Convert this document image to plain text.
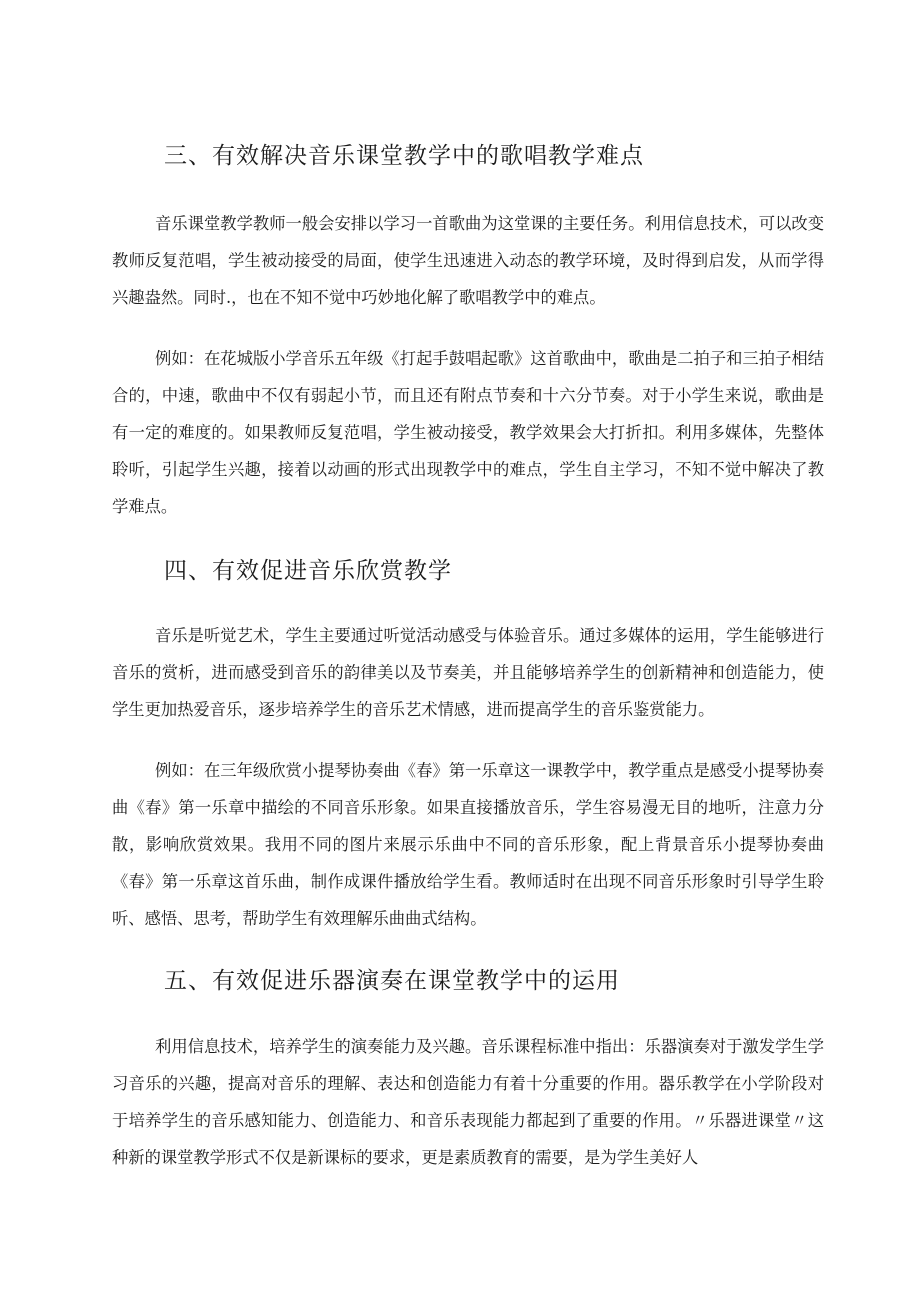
三、有效解决音乐课堂教学中的歌唱教学难点

音乐课堂教学教师一般会安排以学习一首歌曲为这堂课的主要任务。利用信息技术，可以改变教师反复范唱，学生被动接受的局面，使学生迅速进入动态的教学环境，及时得到启发，从而学得兴趣盎然。同时.，也在不知不觉中巧妙地化解了歌唱教学中的难点。

例如：在花城版小学音乐五年级《打起手鼓唱起歌》这首歌曲中，歌曲是二拍子和三拍子相结合的，中速，歌曲中不仅有弱起小节，而且还有附点节奏和十六分节奏。对于小学生来说，歌曲是有一定的难度的。如果教师反复范唱，学生被动接受，教学效果会大打折扣。利用多媒体，先整体聆听，引起学生兴趣，接着以动画的形式出现教学中的难点，学生自主学习，不知不觉中解决了教学难点。

四、有效促进音乐欣赏教学

音乐是听觉艺术，学生主要通过听觉活动感受与体验音乐。通过多媒体的运用，学生能够进行音乐的赏析，进而感受到音乐的韵律美以及节奏美，并且能够培养学生的创新精神和创造能力，使学生更加热爱音乐，逐步培养学生的音乐艺术情感，进而提高学生的音乐鉴赏能力。

例如：在三年级欣赏小提琴协奏曲《春》第一乐章这一课教学中，教学重点是感受小提琴协奏曲《春》第一乐章中描绘的不同音乐形象。如果直接播放音乐，学生容易漫无目的地听，注意力分散，影响欣赏效果。我用不同的图片来展示乐曲中不同的音乐形象，配上背景音乐小提琴协奏曲《春》第一乐章这首乐曲，制作成课件播放给学生看。教师适时在出现不同音乐形象时引导学生聆听、感悟、思考，帮助学生有效理解乐曲曲式结构。

五、有效促进乐器演奏在课堂教学中的运用

利用信息技术，培养学生的演奏能力及兴趣。音乐课程标准中指出：乐器演奏对于激发学生学习音乐的兴趣，提高对音乐的理解、表达和创造能力有着十分重要的作用。器乐教学在小学阶段对于培养学生的音乐感知能力、创造能力、和音乐表现能力都起到了重要的作用。〃乐器进课堂〃这种新的课堂教学形式不仅是新课标的要求，更是素质教育的需要，是为学生美好人
